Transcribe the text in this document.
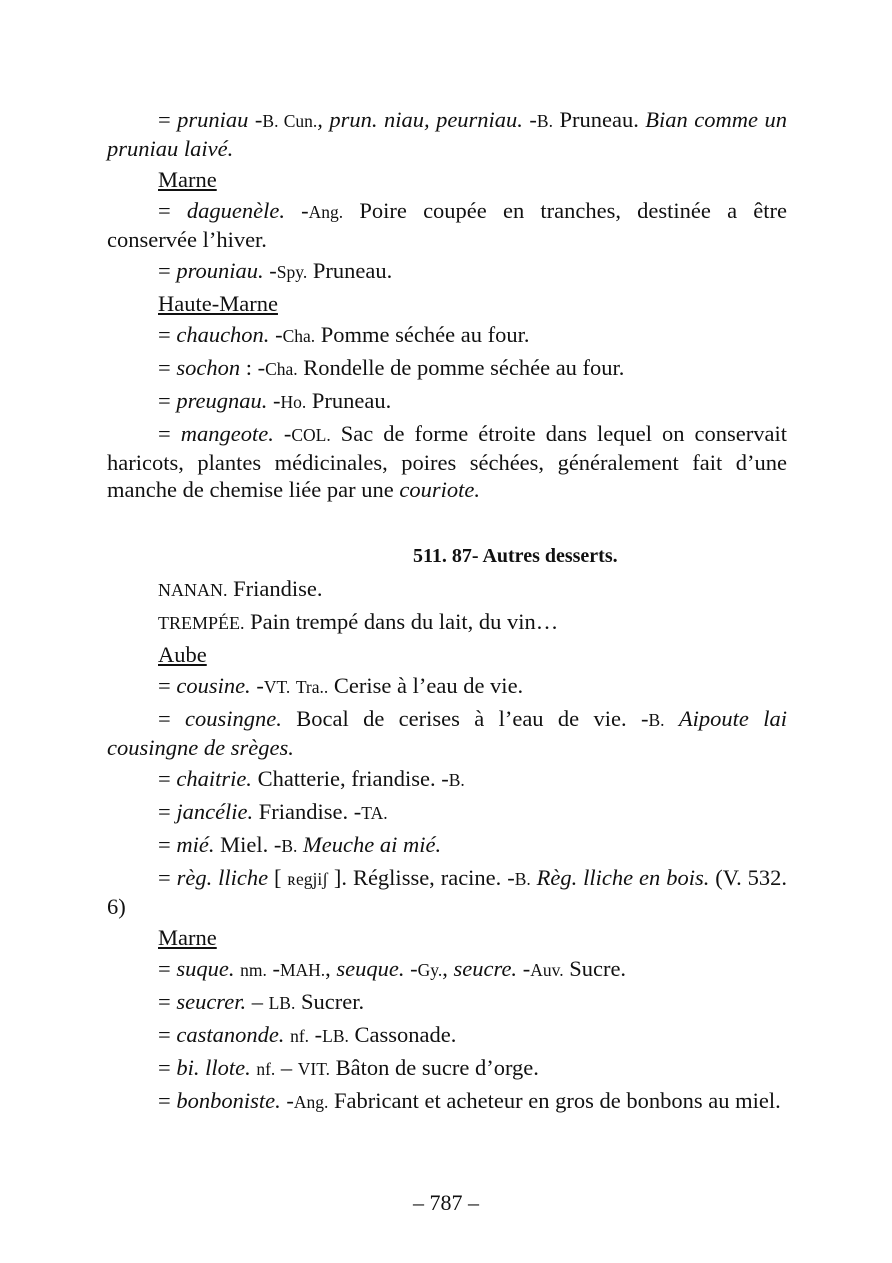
= pruniau -B. Cun., prun. niau, peurniau. -B. Pruneau. Bian comme un pruniau laivé.

Marne

= daguenèle. -Ang. Poire coupée en tranches, destinée a être conservée l’hiver.

= prouniau. -Spy. Pruneau.

Haute-Marne

= chauchon. -Cha. Pomme séchée au four.

= sochon : -Cha. Rondelle de pomme séchée au four.

= preugnau. -Ho. Pruneau.

= mangeote. -COL. Sac de forme étroite dans lequel on conservait haricots, plantes médicinales, poires séchées, généralement fait d’une manche de chemise liée par une couriote.

511. 87- Autres desserts.

NANAN. Friandise.

TREMPÉE. Pain trempé dans du lait, du vin…

Aube

= cousine. -VT. Tra.. Cerise à l’eau de vie.

= cousingne. Bocal de cerises à l’eau de vie. -B. Aipoute lai cousingne de srèges.

= chaitrie. Chatterie, friandise. -B.

= jancélie. Friandise. -TA.

= mié. Miel. -B. Meuche ai mié.

= règ. lliche [ ʀegjiʃ ]. Réglisse, racine. -B. Règ. lliche en bois. (V. 532. 6)

Marne

= suque. nm. -MAH., seuque. -Gy., seucre. -Auv. Sucre.

= seucrer. – LB. Sucrer.

= castanonde. nf. -LB. Cassonade.

= bi. llote. nf. – VIT. Bâton de sucre d’orge.

= bonboniste. -Ang. Fabricant et acheteur en gros de bonbons au miel.

– 787 –
